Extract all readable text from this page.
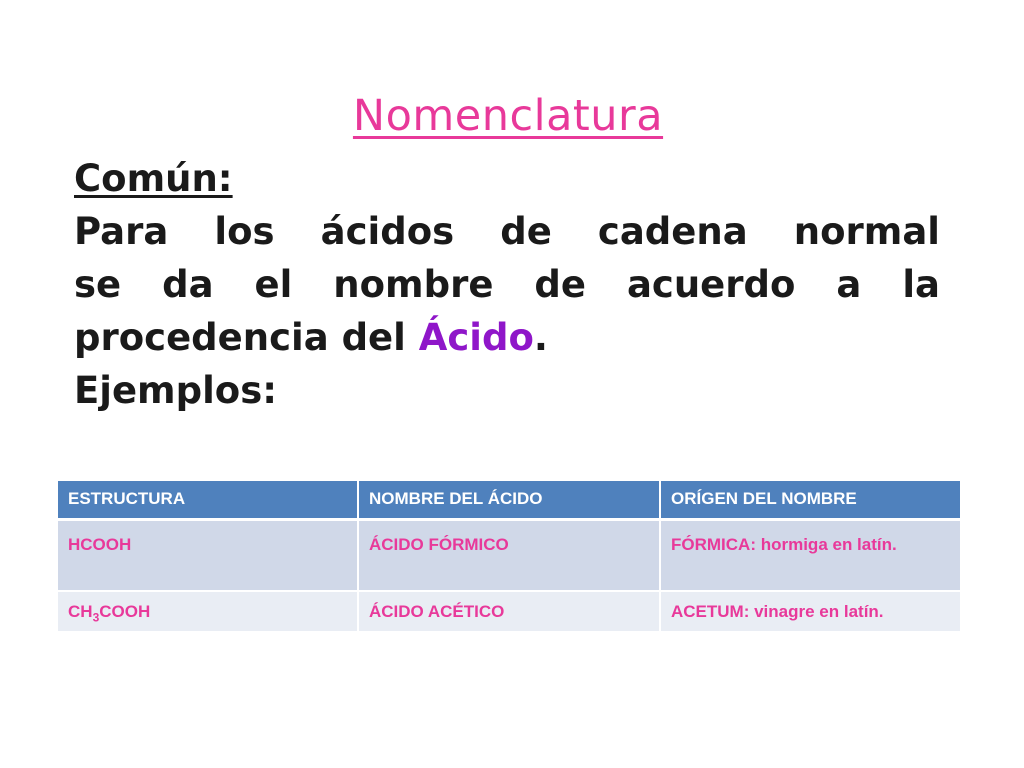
Nomenclatura
Común:
Para los ácidos de cadena normal
se da el nombre de acuerdo a la
procedencia del Ácido.
Ejemplos:
ESTRUCTURA	NOMBRE DEL ÁCIDO	ORÍGEN DEL NOMBRE
HCOOH	ÁCIDO FÓRMICO	FÓRMICA: hormiga en latín.
$CH_3COOH$	ÁCIDO ACÉTICO	ACETUM: vinagre en latín.
